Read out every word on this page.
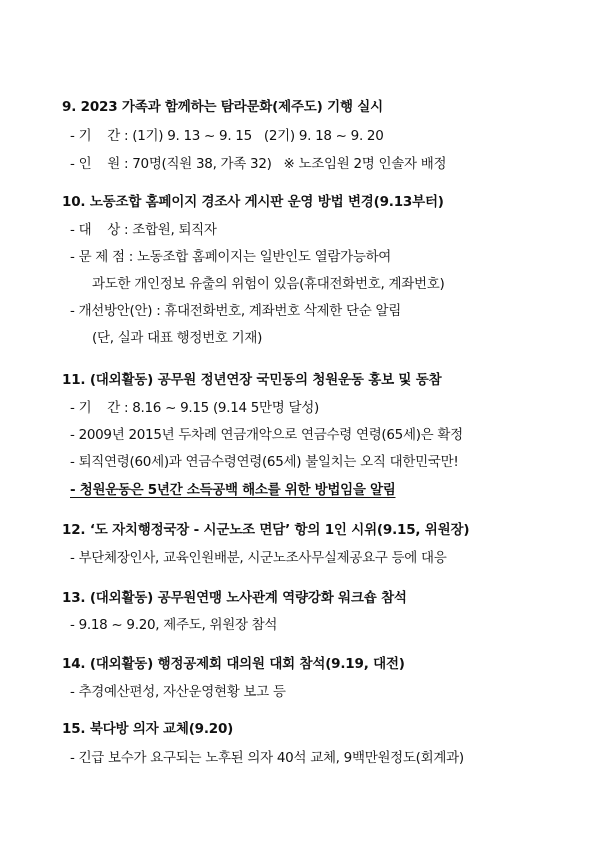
9. 2023 가족과 함께하는 탐라문화(제주도) 기행 실시
- 기    간 : (1기) 9. 13 ~ 9. 15   (2기) 9. 18 ~ 9. 20
- 인    원 : 70명(직원 38, 가족 32)   ※ 노조임원 2명 인솔자 배정
10. 노동조합 홈페이지 경조사 게시판 운영 방법 변경(9.13부터)
- 대    상 : 조합원, 퇴직자
- 문 제 점 : 노동조합 홈페이지는 일반인도 열람가능하여
과도한 개인정보 유출의 위험이 있음(휴대전화번호, 계좌번호)
- 개선방안(안) : 휴대전화번호, 계좌번호 삭제한 단순 알림
(단, 실과 대표 행정번호 기재)
11. (대외활동) 공무원 정년연장 국민동의 청원운동 홍보 및 동참
- 기    간 : 8.16 ~ 9.15 (9.14 5만명 달성)
- 2009년 2015년 두차례 연금개악으로 연금수령 연령(65세)은 확정
- 퇴직연령(60세)과 연금수령연령(65세) 불일치는 오직 대한민국만!
- 청원운동은 5년간 소득공백 해소를 위한 방법임을 알림
12. ‘도 자치행정국장 - 시군노조 면담’ 항의 1인 시위(9.15, 위원장)
- 부단체장인사, 교육인원배분, 시군노조사무실제공요구 등에 대응
13. (대외활동) 공무원연맹 노사관계 역량강화 워크숍 참석
- 9.18 ~ 9.20, 제주도, 위원장 참석
14. (대외활동) 행정공제회 대의원 대회 참석(9.19, 대전)
- 추경예산편성, 자산운영현황 보고 등
15. 북다방 의자 교체(9.20)
- 긴급 보수가 요구되는 노후된 의자 40석 교체, 9백만원정도(회계과)
